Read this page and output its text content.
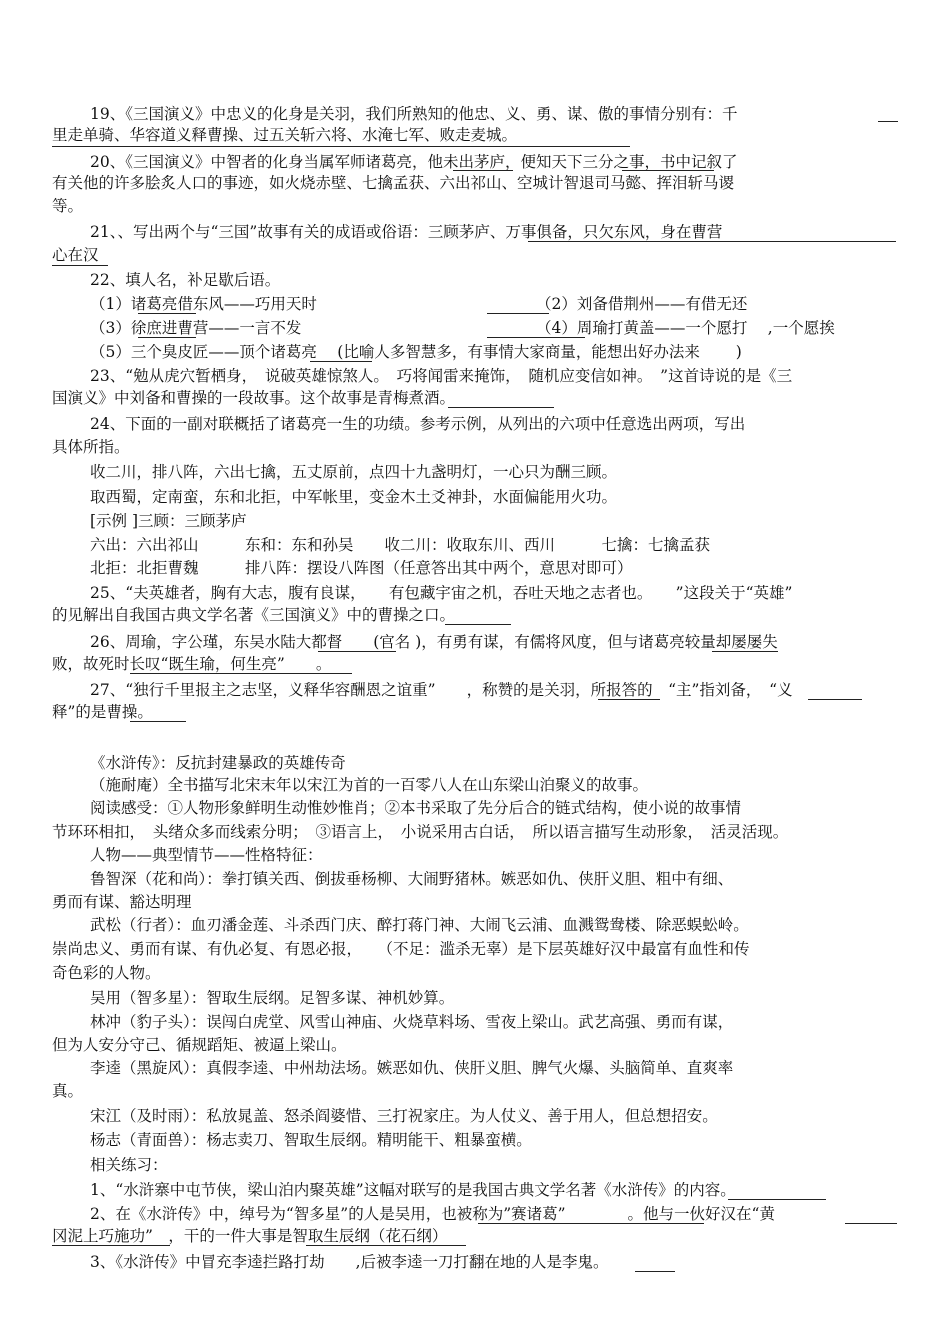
19、《三国演义》中忠义的化身是关羽，我们所熟知的他忠、义、勇、谋、傲的事情分别有：千
里走单骑、华容道义释曹操、过五关斩六将、水淹七军、败走麦城。
20、《三国演义》中智者的化身当属军师诸葛亮，他未出茅庐，便知天下三分之事，书中记叙了
有关他的许多脍炙人口的事迹，如火烧赤壁、七擒孟获、六出祁山、空城计智退司马懿、挥泪斩马谡
等。
21、、写出两个与“三国”故事有关的成语或俗语：三顾茅庐、万事俱备，只欠东风，身在曹营
心在汉
22、填人名，补足歇后语。
（1）诸葛亮借东风——巧用天时	（2）刘备借荆州——有借无还
（3）徐庶进曹营——一言不发	（4）周瑜打黄盖——一个愿打　 ,一个愿挨
（5）三个臭皮匠——顶个诸葛亮　 (比喻人多智慧多，有事情大家商量，能想出好办法来　　 )
23、“勉从虎穴暂栖身，　说破英雄惊煞人。　巧将闻雷来掩饰，　随机应变信如神。　”这首诗说的是《三
国演义》中刘备和曹操的一段故事。这个故事是青梅煮酒。
24、下面的一副对联概括了诸葛亮一生的功绩。参考示例，从列出的六项中任意选出两项，写出
具体所指。
收二川，排八阵，六出七擒，五丈原前，点四十九盏明灯，一心只为酬三顾。
取西蜀，定南蛮，东和北拒，中军帐里，变金木土爻神卦，水面偏能用火功。
[示例 ]三顾：三顾茅庐
六出：六出祁山　　　东和：东和孙吴　　收二川：收取东川、西川　　　七擒：七擒孟获
北拒：北拒曹魏　　　排八阵：摆设八阵图（任意答出其中两个，意思对即可）
25、“夫英雄者，胸有大志，腹有良谋，　　有包藏宇宙之机，吞吐天地之志者也。　　”这段关于“英雄”
的见解出自我国古典文学名著《三国演义》中的曹操之口。
26、周瑜，字公瑾，东吴水陆大都督　　(官名 )，有勇有谋，有儒将风度，但与诸葛亮较量却屡屡失
败，故死时长叹“既生瑜，何生亮”　　。
27、“独行千里报主之志坚，义释华容酬恩之谊重”　　，称赞的是关羽，所报答的　“主”指刘备，　“义
释”的是曹操。
《水浒传》：反抗封建暴政的英雄传奇
（施耐庵）全书描写北宋末年以宋江为首的一百零八人在山东梁山泊聚义的故事。
阅读感受：①人物形象鲜明生动惟妙惟肖；②本书采取了先分后合的链式结构，使小说的故事情
节环环相扣，　头绪众多而线索分明；　③语言上，　小说采用古白话，　所以语言描写生动形象，　活灵活现。
人物——典型情节——性格特征：
鲁智深（花和尚）：拳打镇关西、倒拔垂杨柳、大闹野猪林。嫉恶如仇、侠肝义胆、粗中有细、
勇而有谋、豁达明理
武松（行者）：血刃潘金莲、斗杀西门庆、醉打蒋门神、大闹飞云浦、血溅鸳鸯楼、除恶蜈蚣岭。
崇尚忠义、勇而有谋、有仇必复、有恩必报，　　（不足：滥杀无辜）是下层英雄好汉中最富有血性和传
奇色彩的人物。
吴用（智多星）：智取生辰纲。足智多谋、神机妙算。
林冲（豹子头）：误闯白虎堂、风雪山神庙、火烧草料场、雪夜上梁山。武艺高强、勇而有谋，
但为人安分守己、循规蹈矩、被逼上梁山。
李逵（黑旋风）：真假李逵、中州劫法场。嫉恶如仇、侠肝义胆、脾气火爆、头脑简单、直爽率
真。
宋江（及时雨）：私放晁盖、怒杀阎婆惜、三打祝家庄。为人仗义、善于用人，但总想招安。
杨志（青面兽）：杨志卖刀、智取生辰纲。精明能干、粗暴蛮横。
相关练习：
1、“水浒寨中屯节侠，梁山泊内聚英雄”这幅对联写的是我国古典文学名著《水浒传》的内容。
2、在《水浒传》中，绰号为“智多星”的人是吴用，也被称为”赛诸葛”　　　　。他与一伙好汉在“黄
冈泥上巧施功”　，干的一件大事是智取生辰纲（花石纲）
3、《水浒传》中冒充李逵拦路打劫　　,后被李逵一刀打翻在地的人是李鬼。
